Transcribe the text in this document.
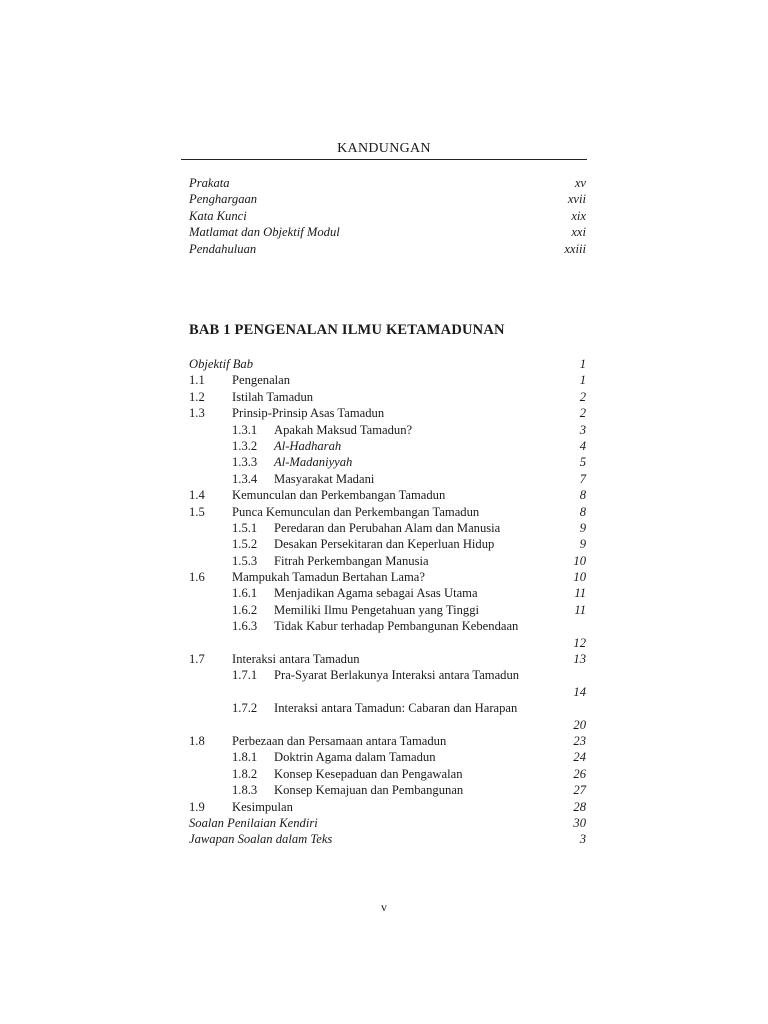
KANDUNGAN
Prakata	xv
Penghargaan	xvii
Kata Kunci	xix
Matlamat dan Objektif Modul	xxi
Pendahuluan	xxiii
BAB 1 PENGENALAN ILMU KETAMADUNAN
Objektif Bab	1
1.1 Pengenalan	1
1.2 Istilah Tamadun	2
1.3 Prinsip-Prinsip Asas Tamadun	2
1.3.1 Apakah Maksud Tamadun?	3
1.3.2 Al-Hadharah	4
1.3.3 Al-Madaniyyah	5
1.3.4 Masyarakat Madani	7
1.4 Kemunculan dan Perkembangan Tamadun	8
1.5 Punca Kemunculan dan Perkembangan Tamadun	8
1.5.1 Peredaran dan Perubahan Alam dan Manusia	9
1.5.2 Desakan Persekitaran dan Keperluan Hidup	9
1.5.3 Fitrah Perkembangan Manusia	10
1.6 Mampukah Tamadun Bertahan Lama?	10
1.6.1 Menjadikan Agama sebagai Asas Utama	11
1.6.2 Memiliki Ilmu Pengetahuan yang Tinggi	11
1.6.3 Tidak Kabur terhadap Pembangunan Kebendaan
12
1.7 Interaksi antara Tamadun	13
1.7.1 Pra-Syarat Berlakunya Interaksi antara Tamadun
14
1.7.2 Interaksi antara Tamadun: Cabaran dan Harapan
20
1.8 Perbezaan dan Persamaan antara Tamadun	23
1.8.1 Doktrin Agama dalam Tamadun	24
1.8.2 Konsep Kesepaduan dan Pengawalan	26
1.8.3 Konsep Kemajuan dan Pembangunan	27
1.9 Kesimpulan	28
Soalan Penilaian Kendiri	30
Jawapan Soalan dalam Teks	3
v
